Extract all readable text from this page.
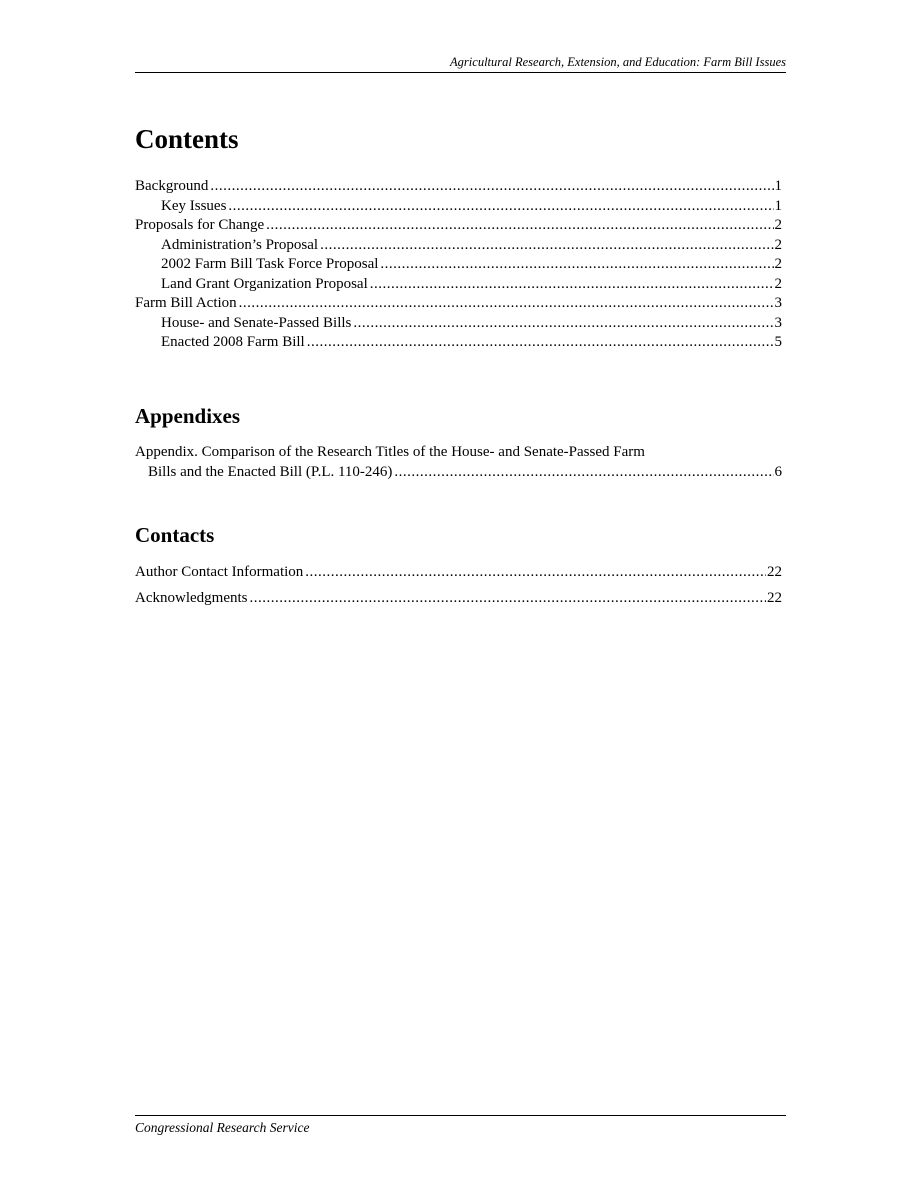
Agricultural Research, Extension, and Education: Farm Bill Issues
Contents
Background .....	1
Key Issues .....	1
Proposals for Change .....	2
Administration’s Proposal .....	2
2002 Farm Bill Task Force Proposal .....	2
Land Grant Organization Proposal .....	2
Farm Bill Action .....	3
House- and Senate-Passed Bills .....	3
Enacted 2008 Farm Bill .....	5
Appendixes
Appendix. Comparison of the Research Titles of the House- and Senate-Passed Farm
Bills and the Enacted Bill (P.L. 110-246) .....	6
Contacts
Author Contact Information .....	22
Acknowledgments .....	22
Congressional Research Service
